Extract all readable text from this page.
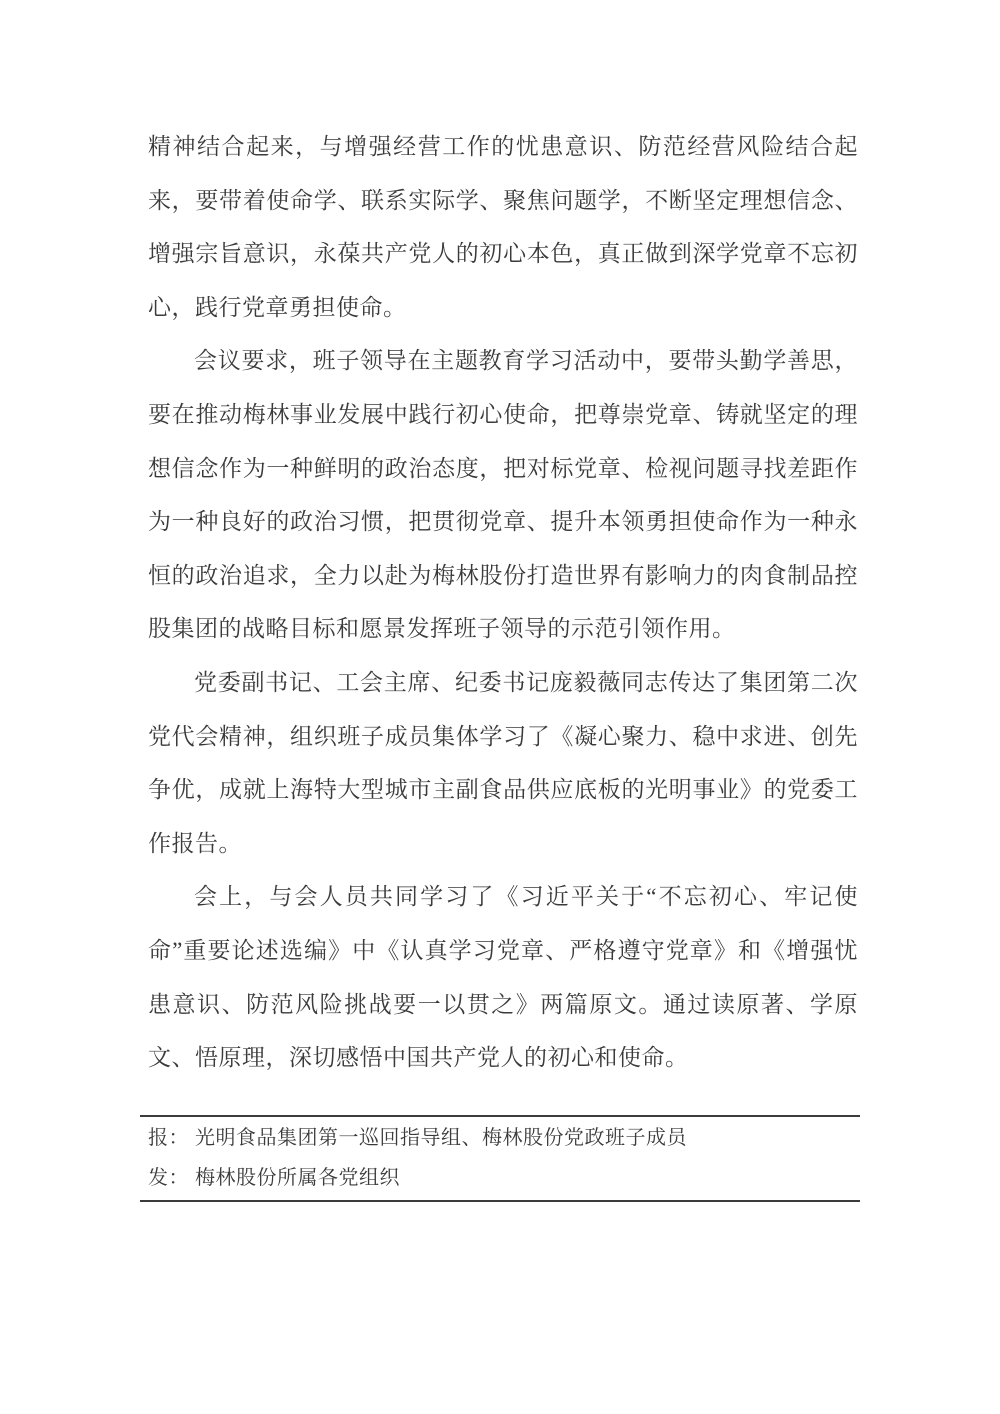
精神结合起来，与增强经营工作的忧患意识、防范经营风险结合起来，要带着使命学、联系实际学、聚焦问题学，不断坚定理想信念、增强宗旨意识，永葆共产党人的初心本色，真正做到深学党章不忘初心，践行党章勇担使命。

会议要求，班子领导在主题教育学习活动中，要带头勤学善思，要在推动梅林事业发展中践行初心使命，把尊崇党章、铸就坚定的理想信念作为一种鲜明的政治态度，把对标党章、检视问题寻找差距作为一种良好的政治习惯，把贯彻党章、提升本领勇担使命作为一种永恒的政治追求，全力以赴为梅林股份打造世界有影响力的肉食制品控股集团的战略目标和愿景发挥班子领导的示范引领作用。

党委副书记、工会主席、纪委书记庞毅薇同志传达了集团第二次党代会精神，组织班子成员集体学习了《凝心聚力、稳中求进、创先争优，成就上海特大型城市主副食品供应底板的光明事业》的党委工作报告。

会上，与会人员共同学习了《习近平关于“不忘初心、牢记使命”重要论述选编》中《认真学习党章、严格遵守党章》和《增强忧患意识、防范风险挑战要一以贯之》两篇原文。通过读原著、学原文、悟原理，深切感悟中国共产党人的初心和使命。

报： 光明食品集团第一巡回指导组、梅林股份党政班子成员
发： 梅林股份所属各党组织
